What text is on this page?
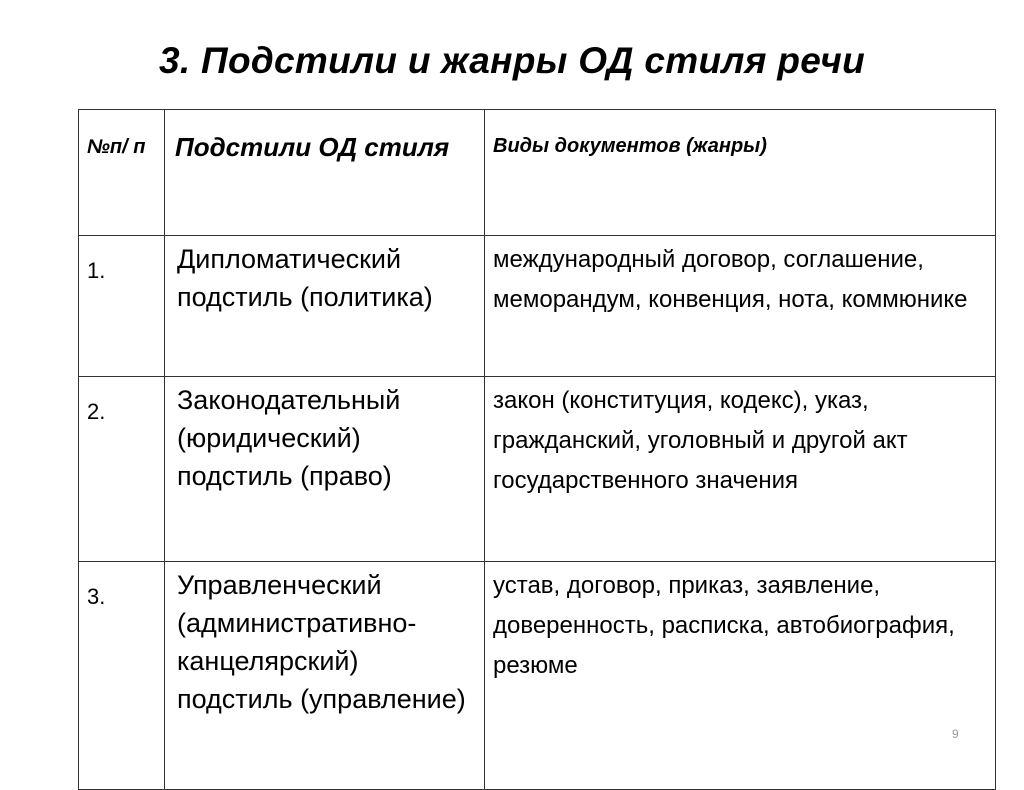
3. Подстили и жанры ОД стиля речи
№п/ п	Подстили ОД стиля	Виды документов (жанры)
1.	Дипломатический подстиль (политика)	международный договор, соглашение, меморандум, конвенция, нота, коммюнике
2.	Законодательный (юридический) подстиль (право)	закон (конституция, кодекс), указ, гражданский, уголовный и другой акт государственного значения
3.	Управленческий (административно-канцелярский) подстиль (управление)	устав, договор, приказ, заявление, доверенность, расписка, автобиография, резюме
9
